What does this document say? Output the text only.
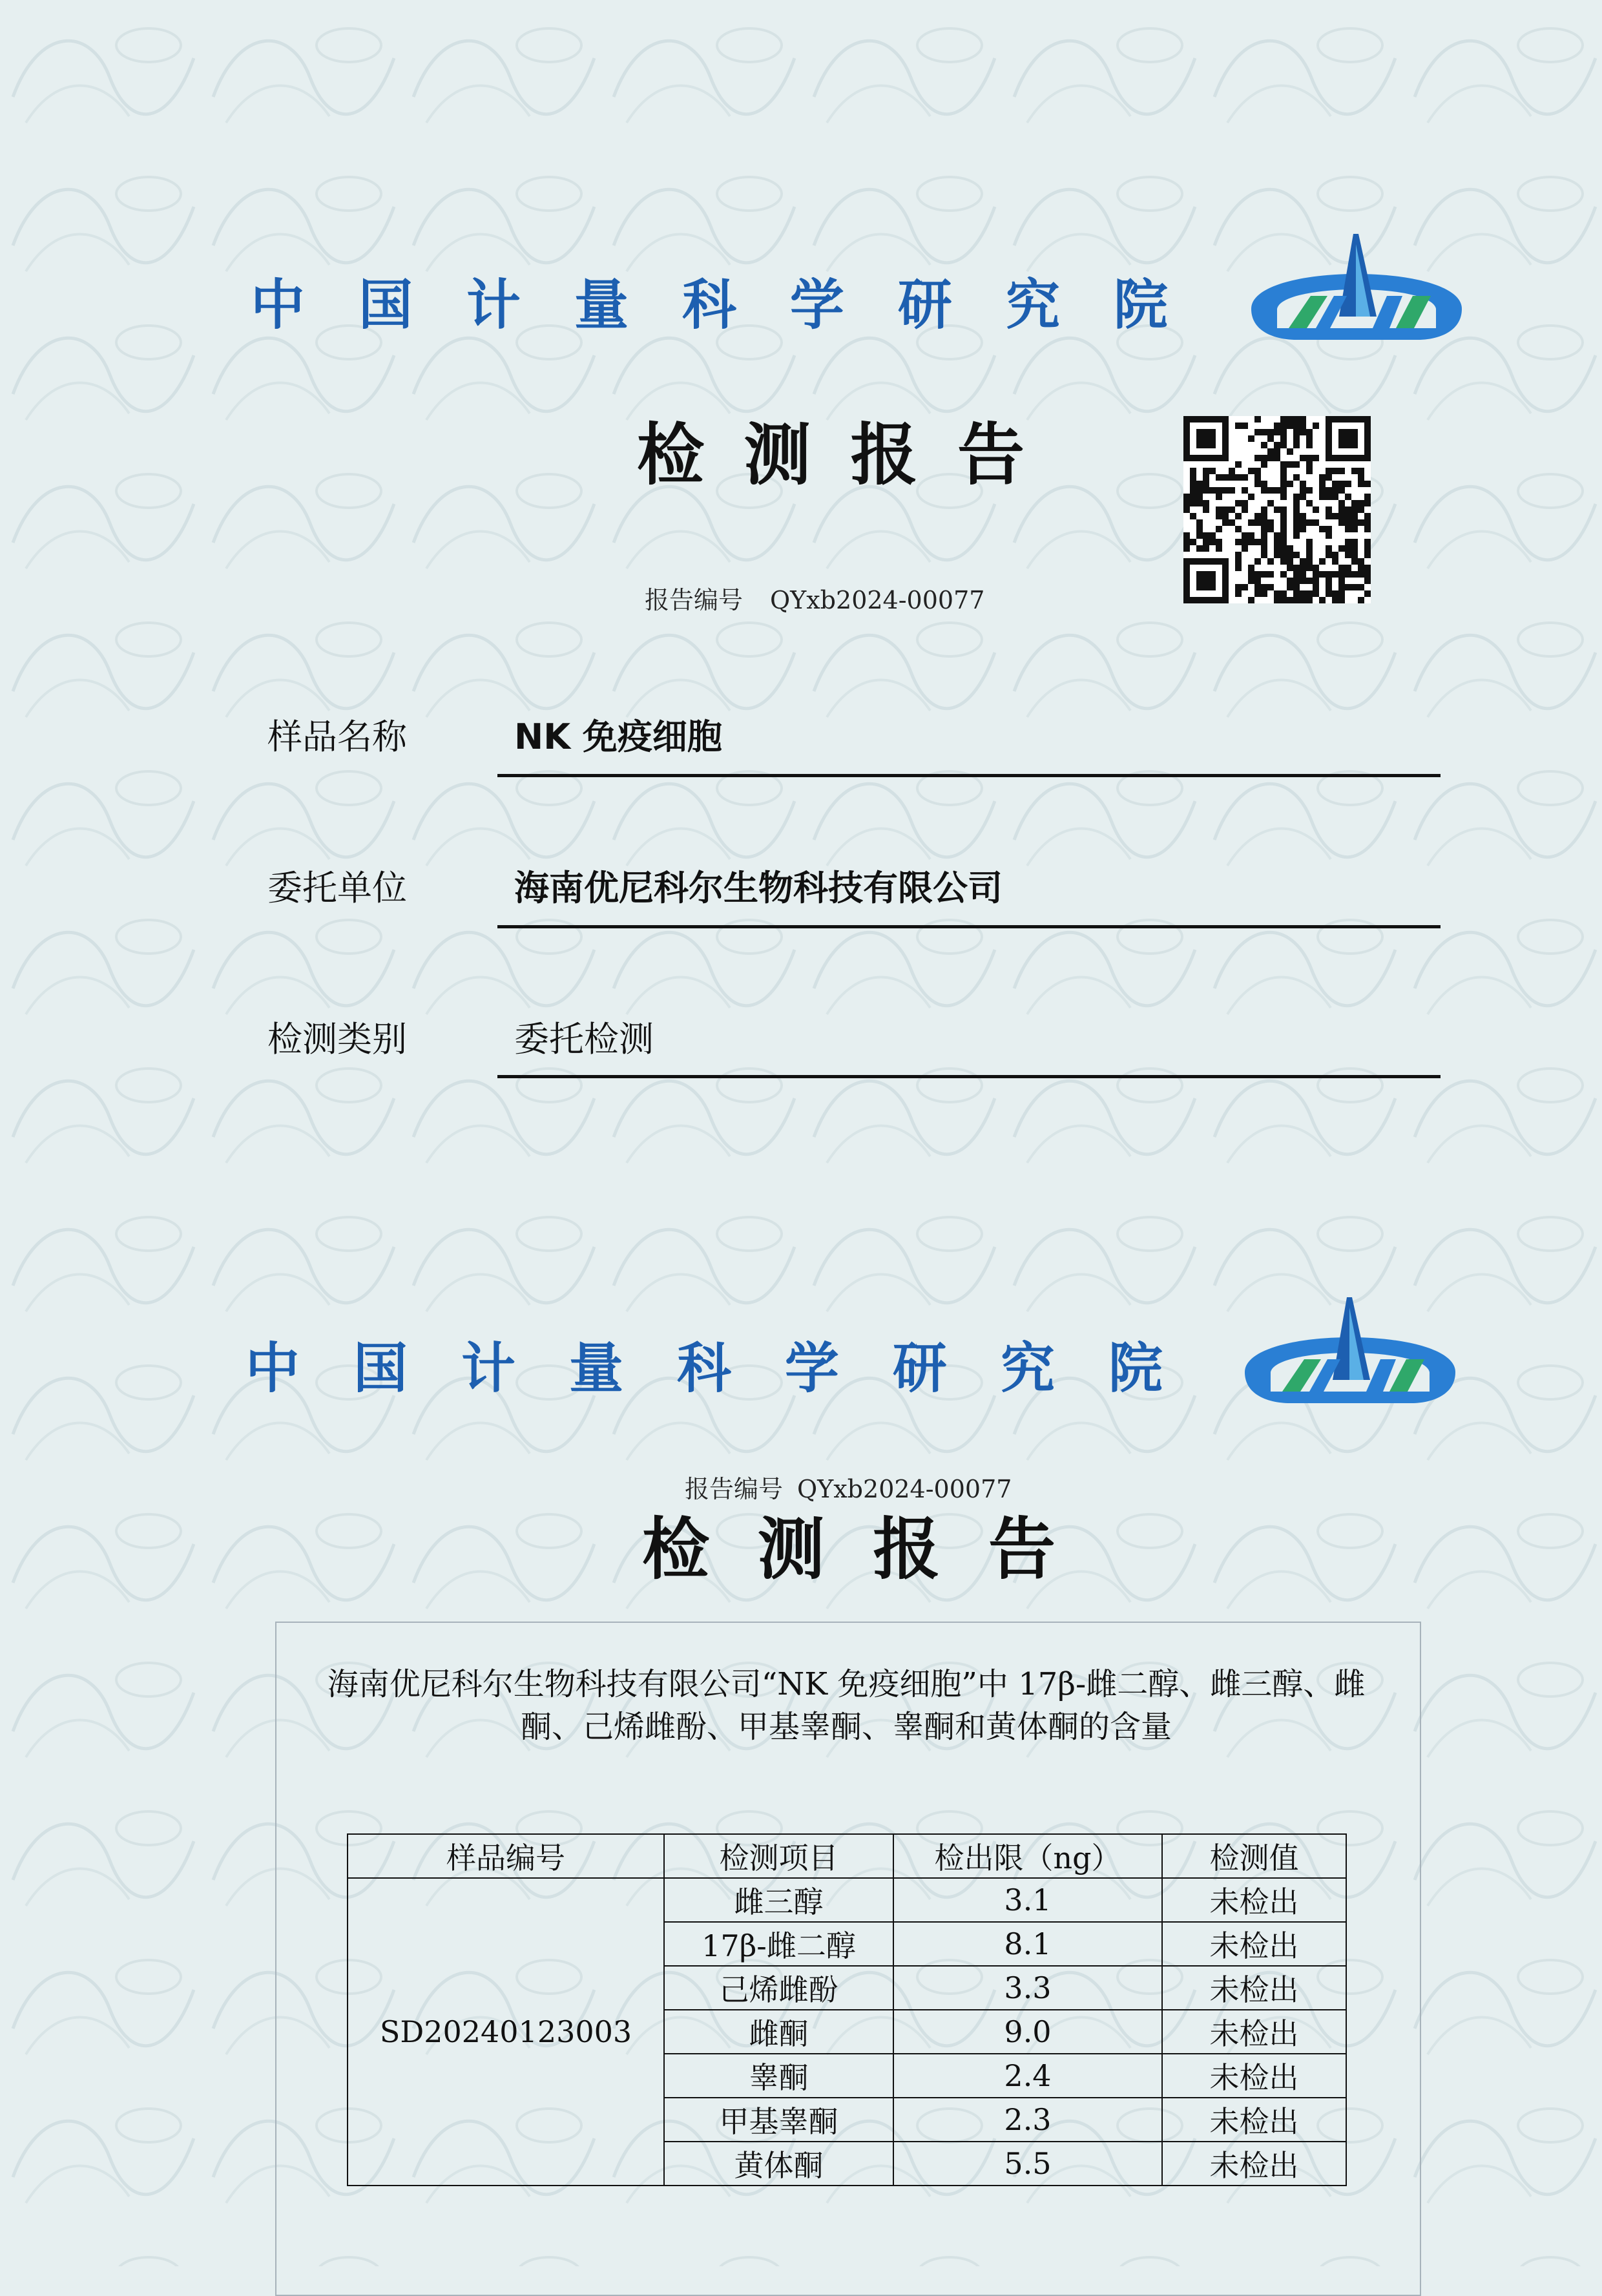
中 国 计 量 科 学 研 究 院
检 测 报 告
报告编号 QYxb2024-00077
样品名称	NK 免疫细胞
委托单位	海南优尼科尔生物科技有限公司
检测类别	委托检测
中 国 计 量 科 学 研 究 院
报告编号 QYxb2024-00077
检 测 报 告
海南优尼科尔生物科技有限公司“NK 免疫细胞”中 17β-雌二醇、雌三醇、雌
酮、己烯雌酚、甲基睾酮、睾酮和黄体酮的含量
样品编号	检测项目	检出限（ng）	检测值
SD20240123003	雌三醇	3.1	未检出
	17β-雌二醇	8.1	未检出
	己烯雌酚	3.3	未检出
	雌酮	9.0	未检出
	睾酮	2.4	未检出
	甲基睾酮	2.3	未检出
	黄体酮	5.5	未检出
